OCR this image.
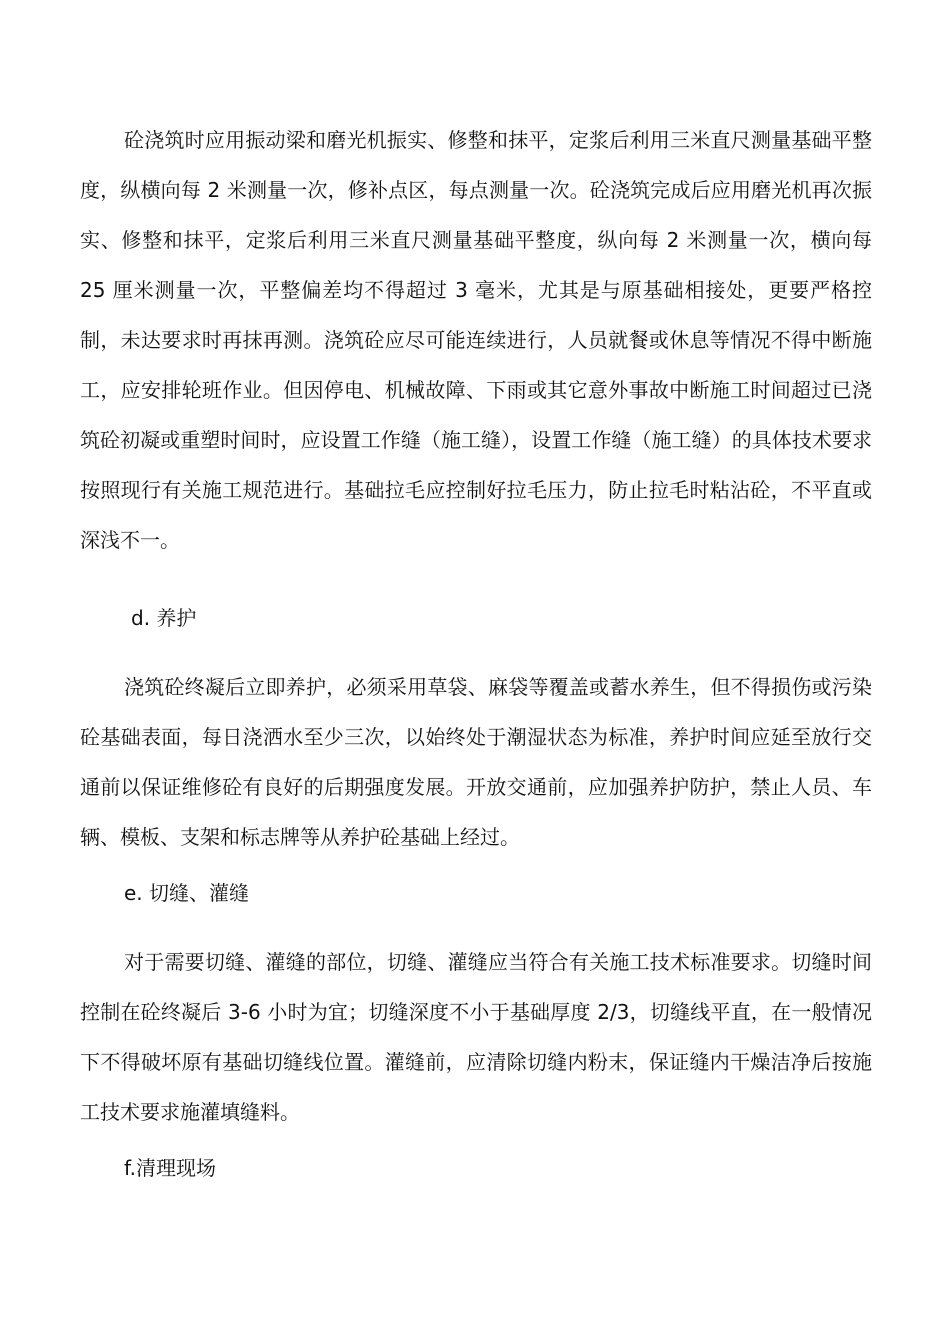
砼浇筑时应用振动梁和磨光机振实、修整和抹平，定浆后利用三米直尺测量基础平整度，纵横向每 2 米测量一次，修补点区，每点测量一次。砼浇筑完成后应用磨光机再次振实、修整和抹平，定浆后利用三米直尺测量基础平整度，纵向每 2 米测量一次，横向每 25 厘米测量一次，平整偏差均不得超过 3 毫米，尤其是与原基础相接处，更要严格控制，未达要求时再抹再测。浇筑砼应尽可能连续进行，人员就餐或休息等情况不得中断施工，应安排轮班作业。但因停电、机械故障、下雨或其它意外事故中断施工时间超过已浇筑砼初凝或重塑时间时，应设置工作缝（施工缝），设置工作缝（施工缝）的具体技术要求按照现行有关施工规范进行。基础拉毛应控制好拉毛压力，防止拉毛时粘沾砼，不平直或深浅不一。

d. 养护

浇筑砼终凝后立即养护，必须采用草袋、麻袋等覆盖或蓄水养生，但不得损伤或污染砼基础表面，每日浇洒水至少三次，以始终处于潮湿状态为标准，养护时间应延至放行交通前以保证维修砼有良好的后期强度发展。开放交通前，应加强养护防护，禁止人员、车辆、模板、支架和标志牌等从养护砼基础上经过。

e. 切缝、灌缝

对于需要切缝、灌缝的部位，切缝、灌缝应当符合有关施工技术标准要求。切缝时间控制在砼终凝后 3-6 小时为宜；切缝深度不小于基础厚度 2/3，切缝线平直，在一般情况下不得破坏原有基础切缝线位置。灌缝前，应清除切缝内粉末，保证缝内干燥洁净后按施工技术要求施灌填缝料。

f.清理现场
